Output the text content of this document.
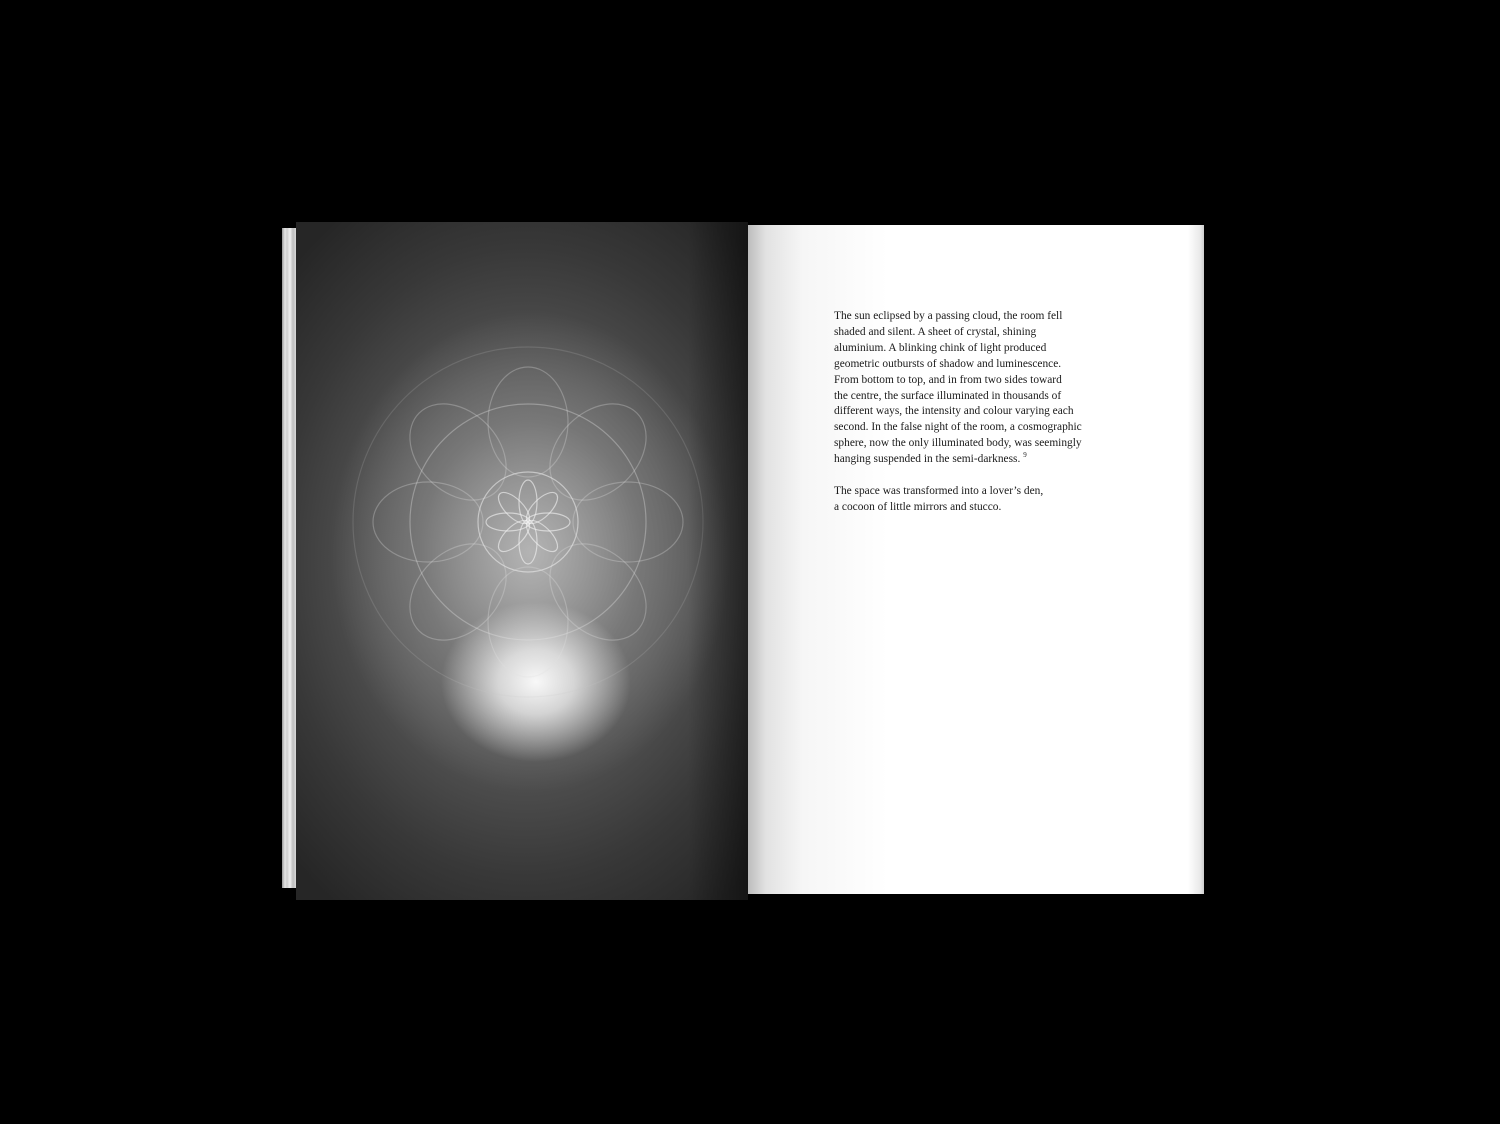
The sun eclipsed by a passing cloud, the room fell
shaded and silent. A sheet of crystal, shining
aluminium. A blinking chink of light produced
geometric outbursts of shadow and luminescence.
From bottom to top, and in from two sides toward
the centre, the surface illuminated in thousands of
different ways, the intensity and colour varying each
second. In the false night of the room, a cosmographic
sphere, now the only illuminated body, was seemingly
hanging suspended in the semi-darkness. $^9$

The space was transformed into a lover’s den,
a cocoon of little mirrors and stucco.
